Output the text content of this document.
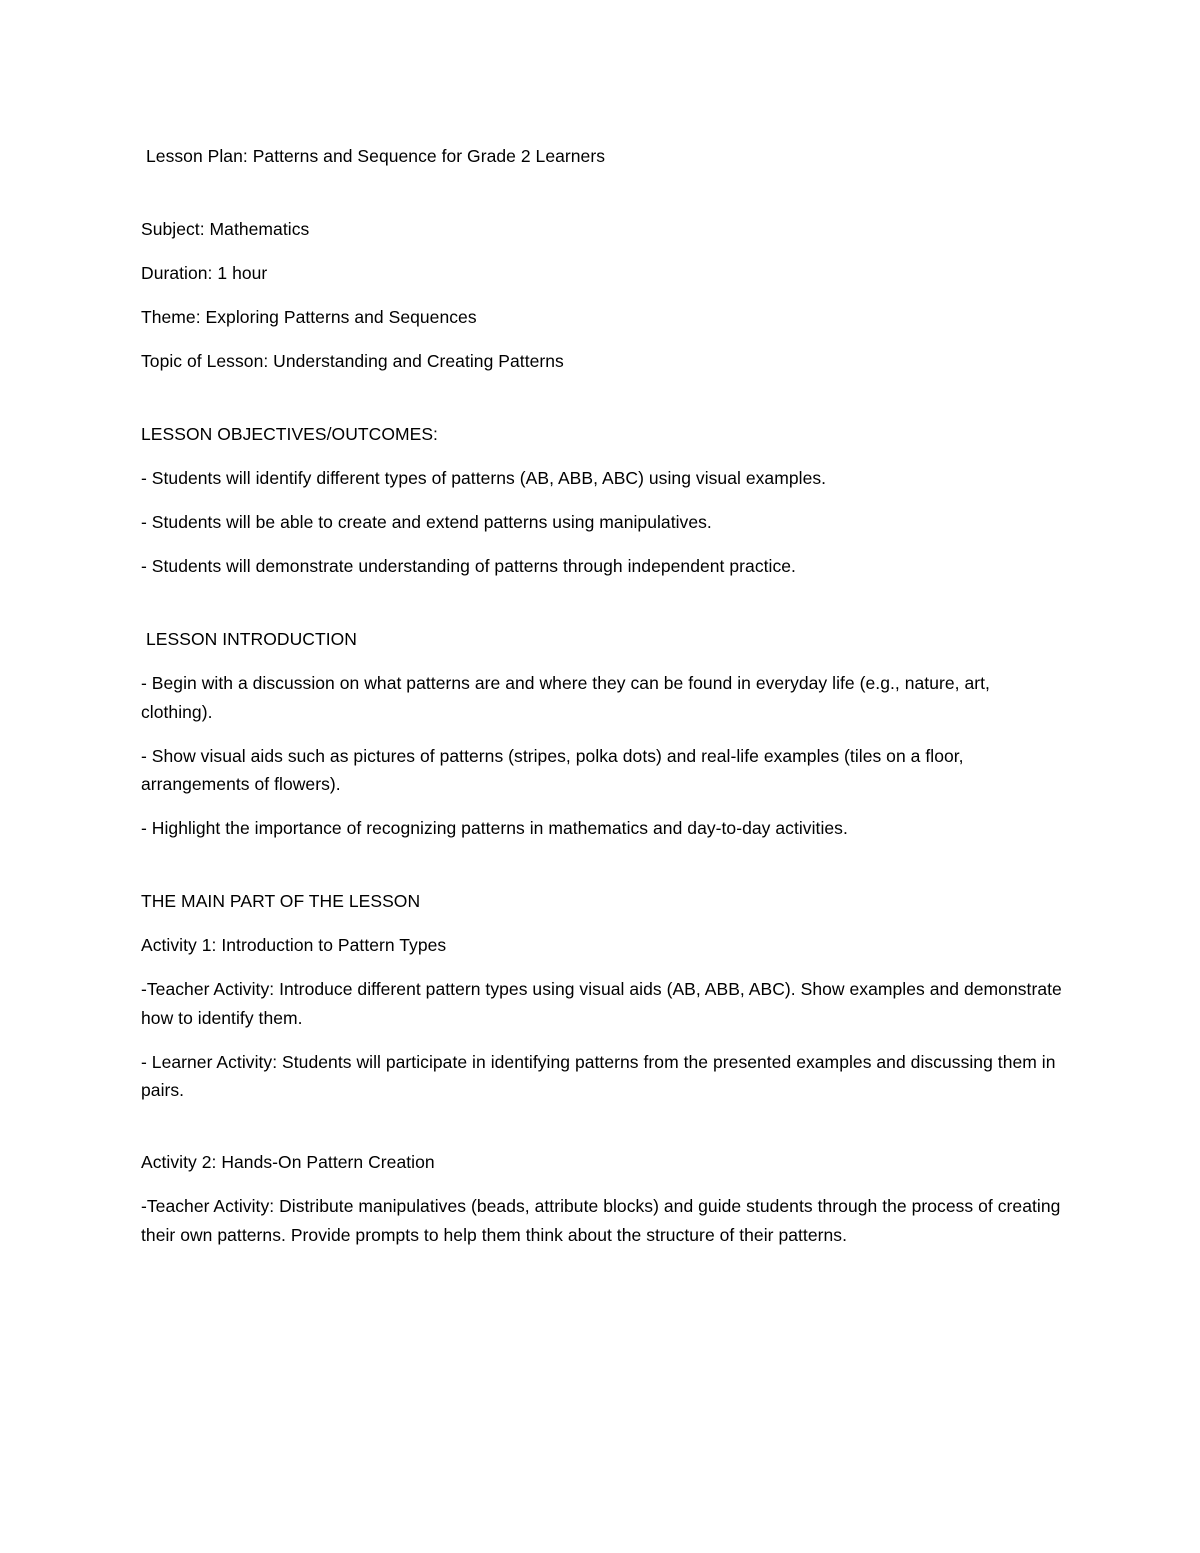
Lesson Plan: Patterns and Sequence for Grade 2 Learners

Subject: Mathematics

Duration: 1 hour

Theme: Exploring Patterns and Sequences

Topic of Lesson: Understanding and Creating Patterns

LESSON OBJECTIVES/OUTCOMES:

- Students will identify different types of patterns (AB, ABB, ABC) using visual examples.

- Students will be able to create and extend patterns using manipulatives.

- Students will demonstrate understanding of patterns through independent practice.

LESSON INTRODUCTION

- Begin with a discussion on what patterns are and where they can be found in everyday life (e.g., nature, art, clothing).

- Show visual aids such as pictures of patterns (stripes, polka dots) and real-life examples (tiles on a floor, arrangements of flowers).

- Highlight the importance of recognizing patterns in mathematics and day-to-day activities.

THE MAIN PART OF THE LESSON

Activity 1: Introduction to Pattern Types

-Teacher Activity: Introduce different pattern types using visual aids (AB, ABB, ABC). Show examples and demonstrate how to identify them.

- Learner Activity: Students will participate in identifying patterns from the presented examples and discussing them in pairs.

Activity 2: Hands-On Pattern Creation

-Teacher Activity: Distribute manipulatives (beads, attribute blocks) and guide students through the process of creating their own patterns. Provide prompts to help them think about the structure of their patterns.
